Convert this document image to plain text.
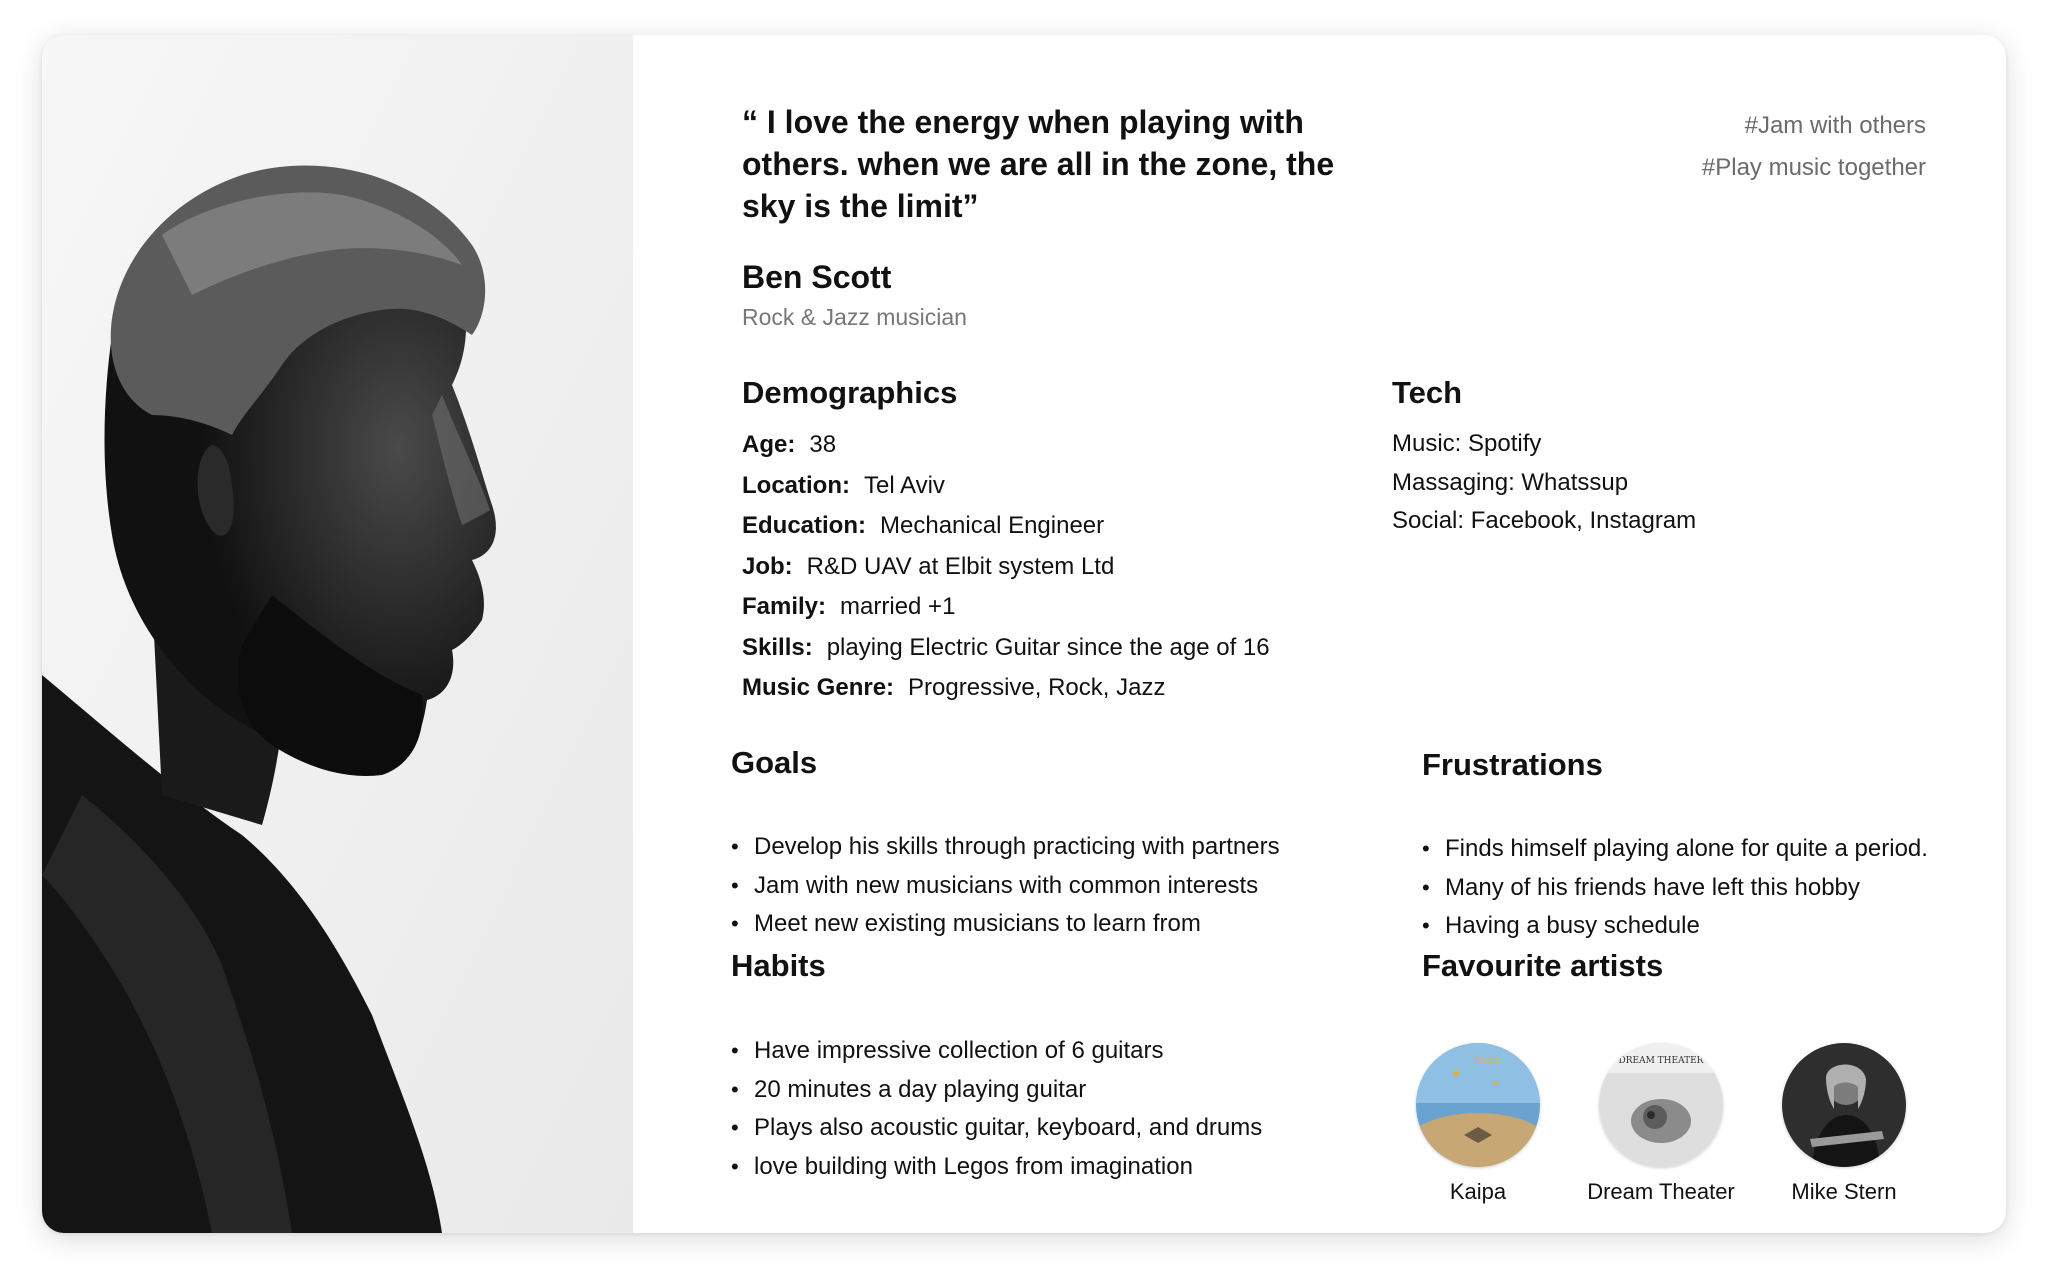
“ I love the energy when playing with others. when we are all in the zone, the sky is the limit”
#Jam with others
#Play music together
Ben Scott
Rock & Jazz musician
Demographics
Age: 38
Location: Tel Aviv
Education: Mechanical Engineer
Job: R&D UAV at Elbit system Ltd
Family: married +1
Skills: playing Electric Guitar since the age of 16
Music Genre: Progressive, Rock, Jazz
Tech
Music: Spotify
Massaging: Whatssup
Social: Facebook, Instagram
Goals
• Develop his skills through practicing with partners
• Jam with new musicians with common interests
• Meet new existing musicians to learn from
Frustrations
• Finds himself playing alone for quite a period.
• Many of his friends have left this hobby
• Having a busy schedule
Habits
• Have impressive collection of 6 guitars
• 20 minutes a day playing guitar
• Plays also acoustic guitar, keyboard, and drums
• love building with Legos from imagination
Favourite artists
Kaipa
Kaipa
DREAM THEATER
Dream Theater	Mike Stern
